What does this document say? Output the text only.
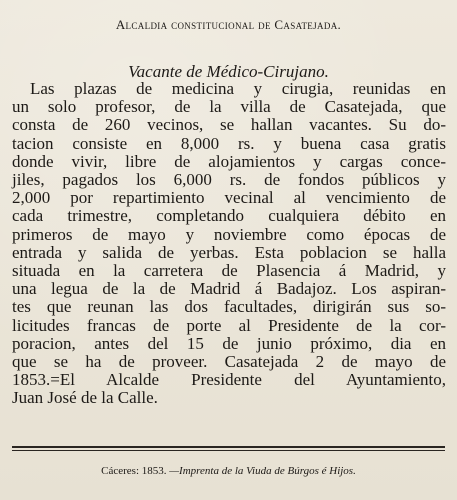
Alcaldia constitucional de Casatejada.
Vacante de Médico-Cirujano.
Las plazas de medicina y cirugia, reunidas en
un solo profesor, de la villa de Casatejada, que
consta de 260 vecinos, se hallan vacantes. Su do-
tacion consiste en 8,000 rs. y buena casa gratis
donde vivir, libre de alojamientos y cargas conce-
jiles, pagados los 6,000 rs. de fondos públicos y
2,000 por repartimiento vecinal al vencimiento de
cada trimestre, completando cualquiera débito en
primeros de mayo y noviembre como épocas de
entrada y salida de yerbas. Esta poblacion se halla
situada en la carretera de Plasencia á Madrid, y
una legua de la de Madrid á Badajoz. Los aspiran-
tes que reunan las dos facultades, dirigirán sus so-
licitudes francas de porte al Presidente de la cor-
poracion, antes del 15 de junio próximo, dia en
que se ha de proveer. Casatejada 2 de mayo de
1853.=El Alcalde Presidente del Ayuntamiento,
Juan José de la Calle.
Cáceres: 1853. —Imprenta de la Viuda de Búrgos é Hijos.
